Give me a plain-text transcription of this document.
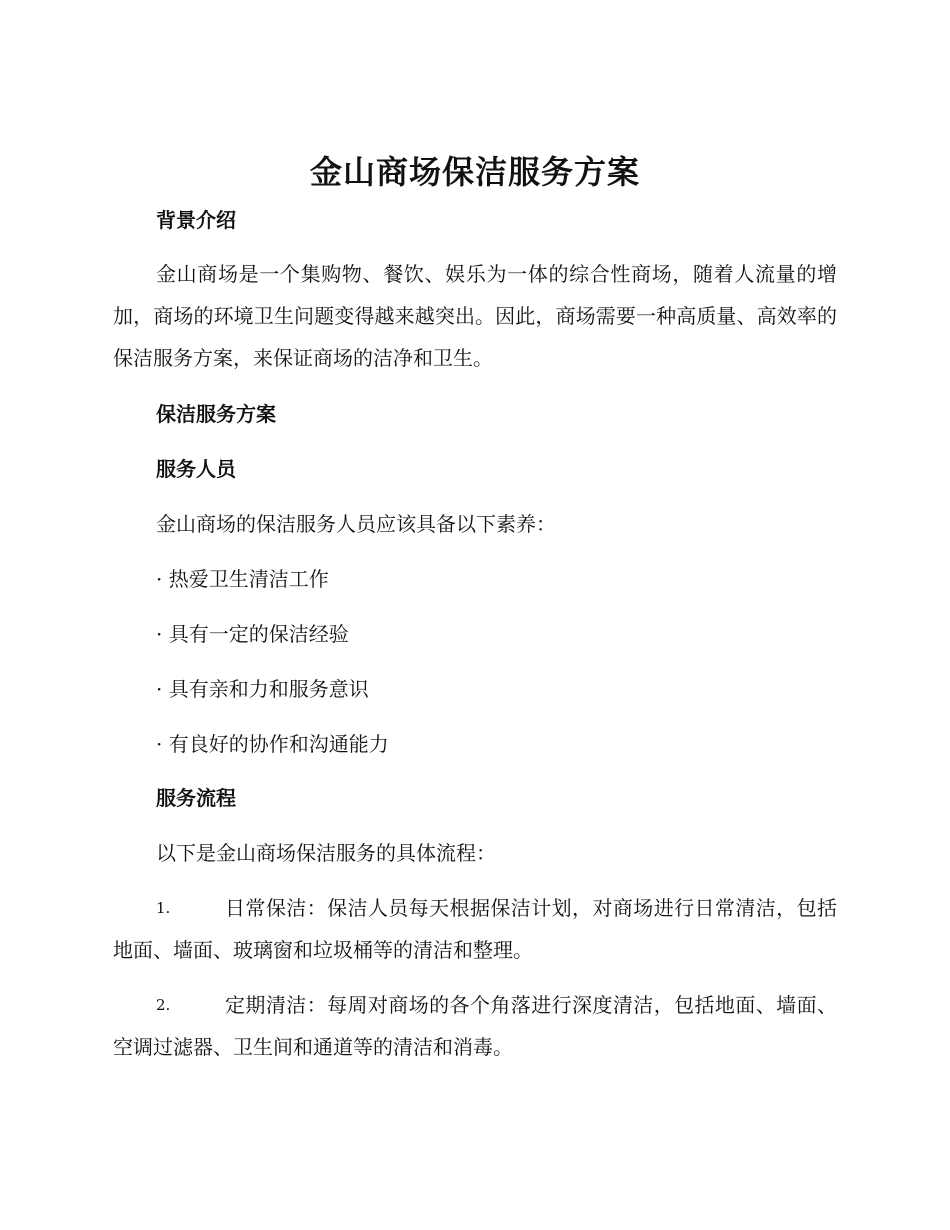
金山商场保洁服务方案
背景介绍
金山商场是一个集购物、餐饮、娱乐为一体的综合性商场，随着人流量的增加，商场的环境卫生问题变得越来越突出。因此，商场需要一种高质量、高效率的保洁服务方案，来保证商场的洁净和卫生。
保洁服务方案
服务人员
金山商场的保洁服务人员应该具备以下素养：
· 热爱卫生清洁工作
· 具有一定的保洁经验
· 具有亲和力和服务意识
· 有良好的协作和沟通能力
服务流程
以下是金山商场保洁服务的具体流程：
1.	日常保洁：保洁人员每天根据保洁计划，对商场进行日常清洁，包括地面、墙面、玻璃窗和垃圾桶等的清洁和整理。
2.	定期清洁：每周对商场的各个角落进行深度清洁，包括地面、墙面、空调过滤器、卫生间和通道等的清洁和消毒。
